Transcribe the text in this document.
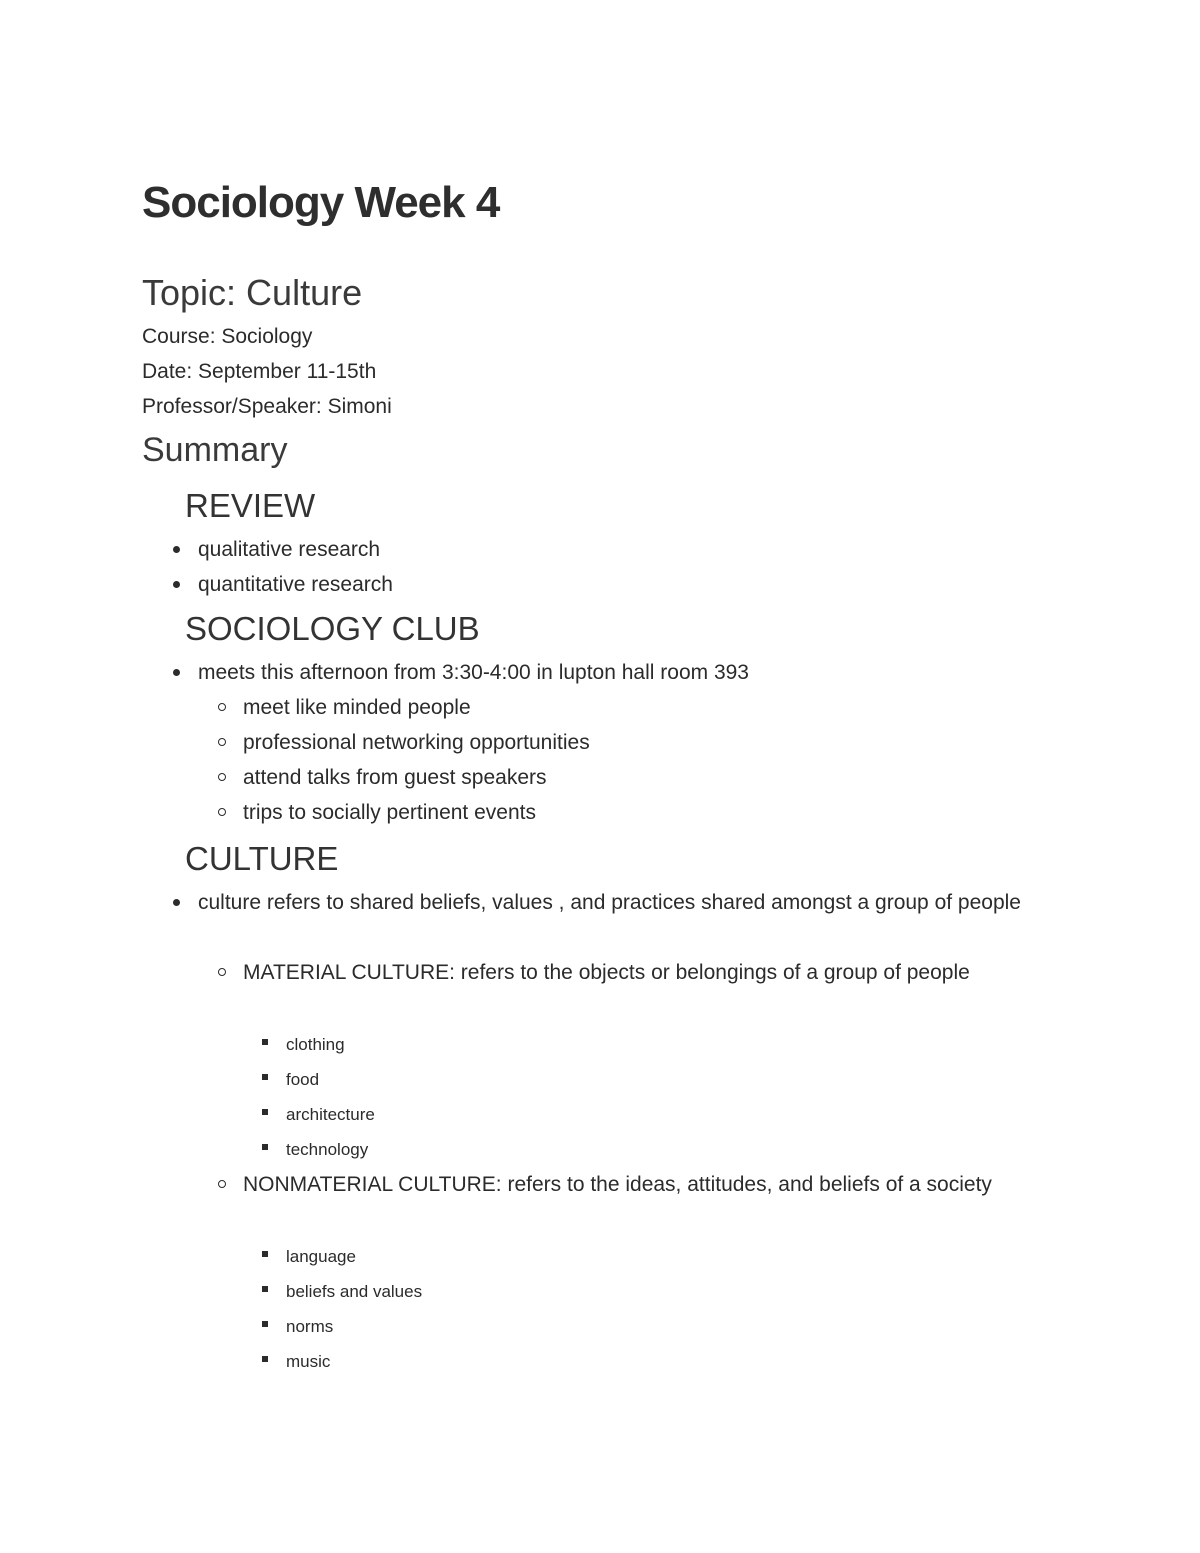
Sociology Week 4
Topic: Culture
Course: Sociology
Date: September 11-15th
Professor/Speaker: Simoni
Summary
REVIEW
qualitative research
quantitative research
SOCIOLOGY CLUB
meets this afternoon from 3:30-4:00 in lupton hall room 393
meet like minded people
professional networking opportunities
attend talks from guest speakers
trips to socially pertinent events
CULTURE
culture refers to shared beliefs, values , and practices shared amongst a group of people
MATERIAL CULTURE: refers to the objects or belongings of a group of people
clothing
food
architecture
technology
NONMATERIAL CULTURE: refers to the ideas, attitudes, and beliefs of a society
language
beliefs and values
norms
music
